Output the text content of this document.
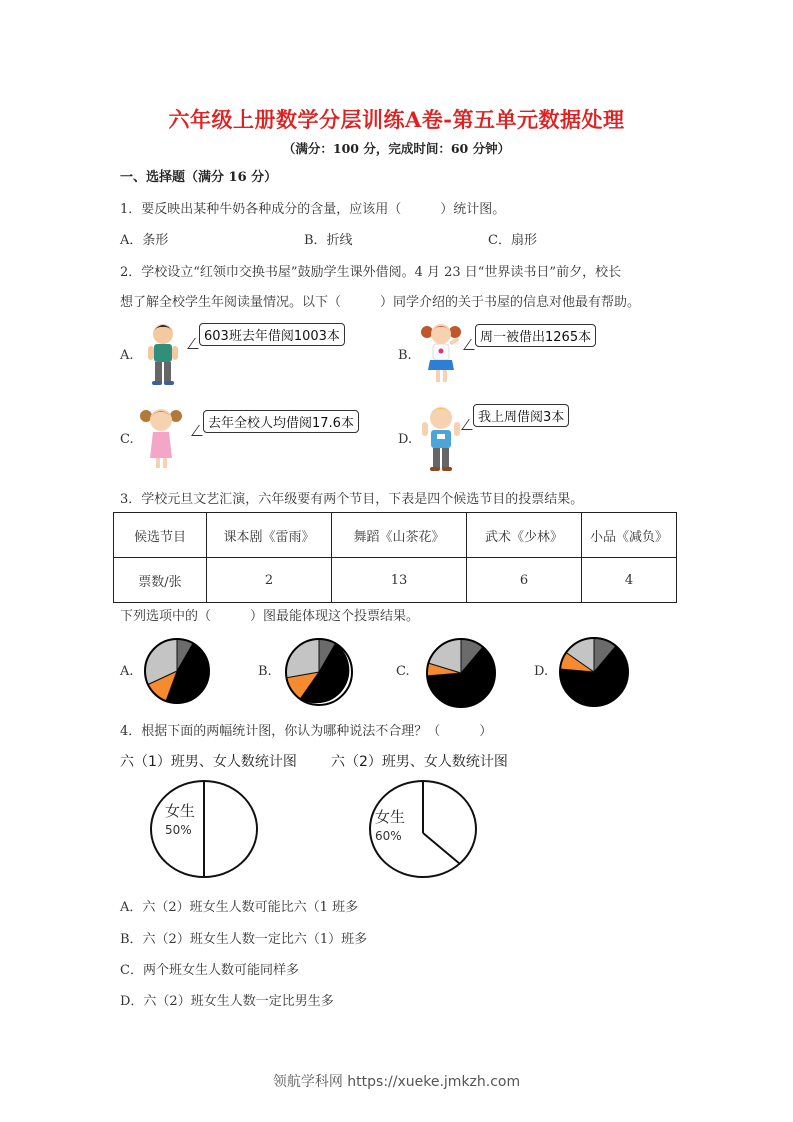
六年级上册数学分层训练A卷-第五单元数据处理
（满分：100 分，完成时间：60 分钟）
一、选择题（满分 16 分）
1．要反映出某种牛奶各种成分的含量，应该用（　　　）统计图。
A．条形	B．折线	C．扇形
2．学校设立“红领巾交换书屋”鼓励学生课外借阅。4 月 23 日“世界读书日”前夕，校长
想了解全校学生年阅读量情况。以下（　　　）同学介绍的关于书屋的信息对他最有帮助。
A.
603班去年借阅1003本
B.
周一被借出1265本
C.
去年全校人均借阅17.6本
D.
我上周借阅3本
3．学校元旦文艺汇演，六年级要有两个节目，下表是四个候选节目的投票结果。
候选节目	课本剧《雷雨》	舞蹈《山茶花》	武术《少林》	小品《减负》
票数/张	2	13	6	4
下列选项中的（　　　）图最能体现这个投票结果。
A.	B.	C.	D.
4．根据下面的两幅统计图，你认为哪种说法不合理？（　　　）
六（1）班男、女人数统计图 六（2）班男、女人数统计图
女生
50%
女生
60%
A．六（2）班女生人数可能比六（1 班多
B．六（2）班女生人数一定比六（1）班多
C．两个班女生人数可能同样多
D．六（2）班女生人数一定比男生多
领航学科网 https://xueke.jmkzh.com
